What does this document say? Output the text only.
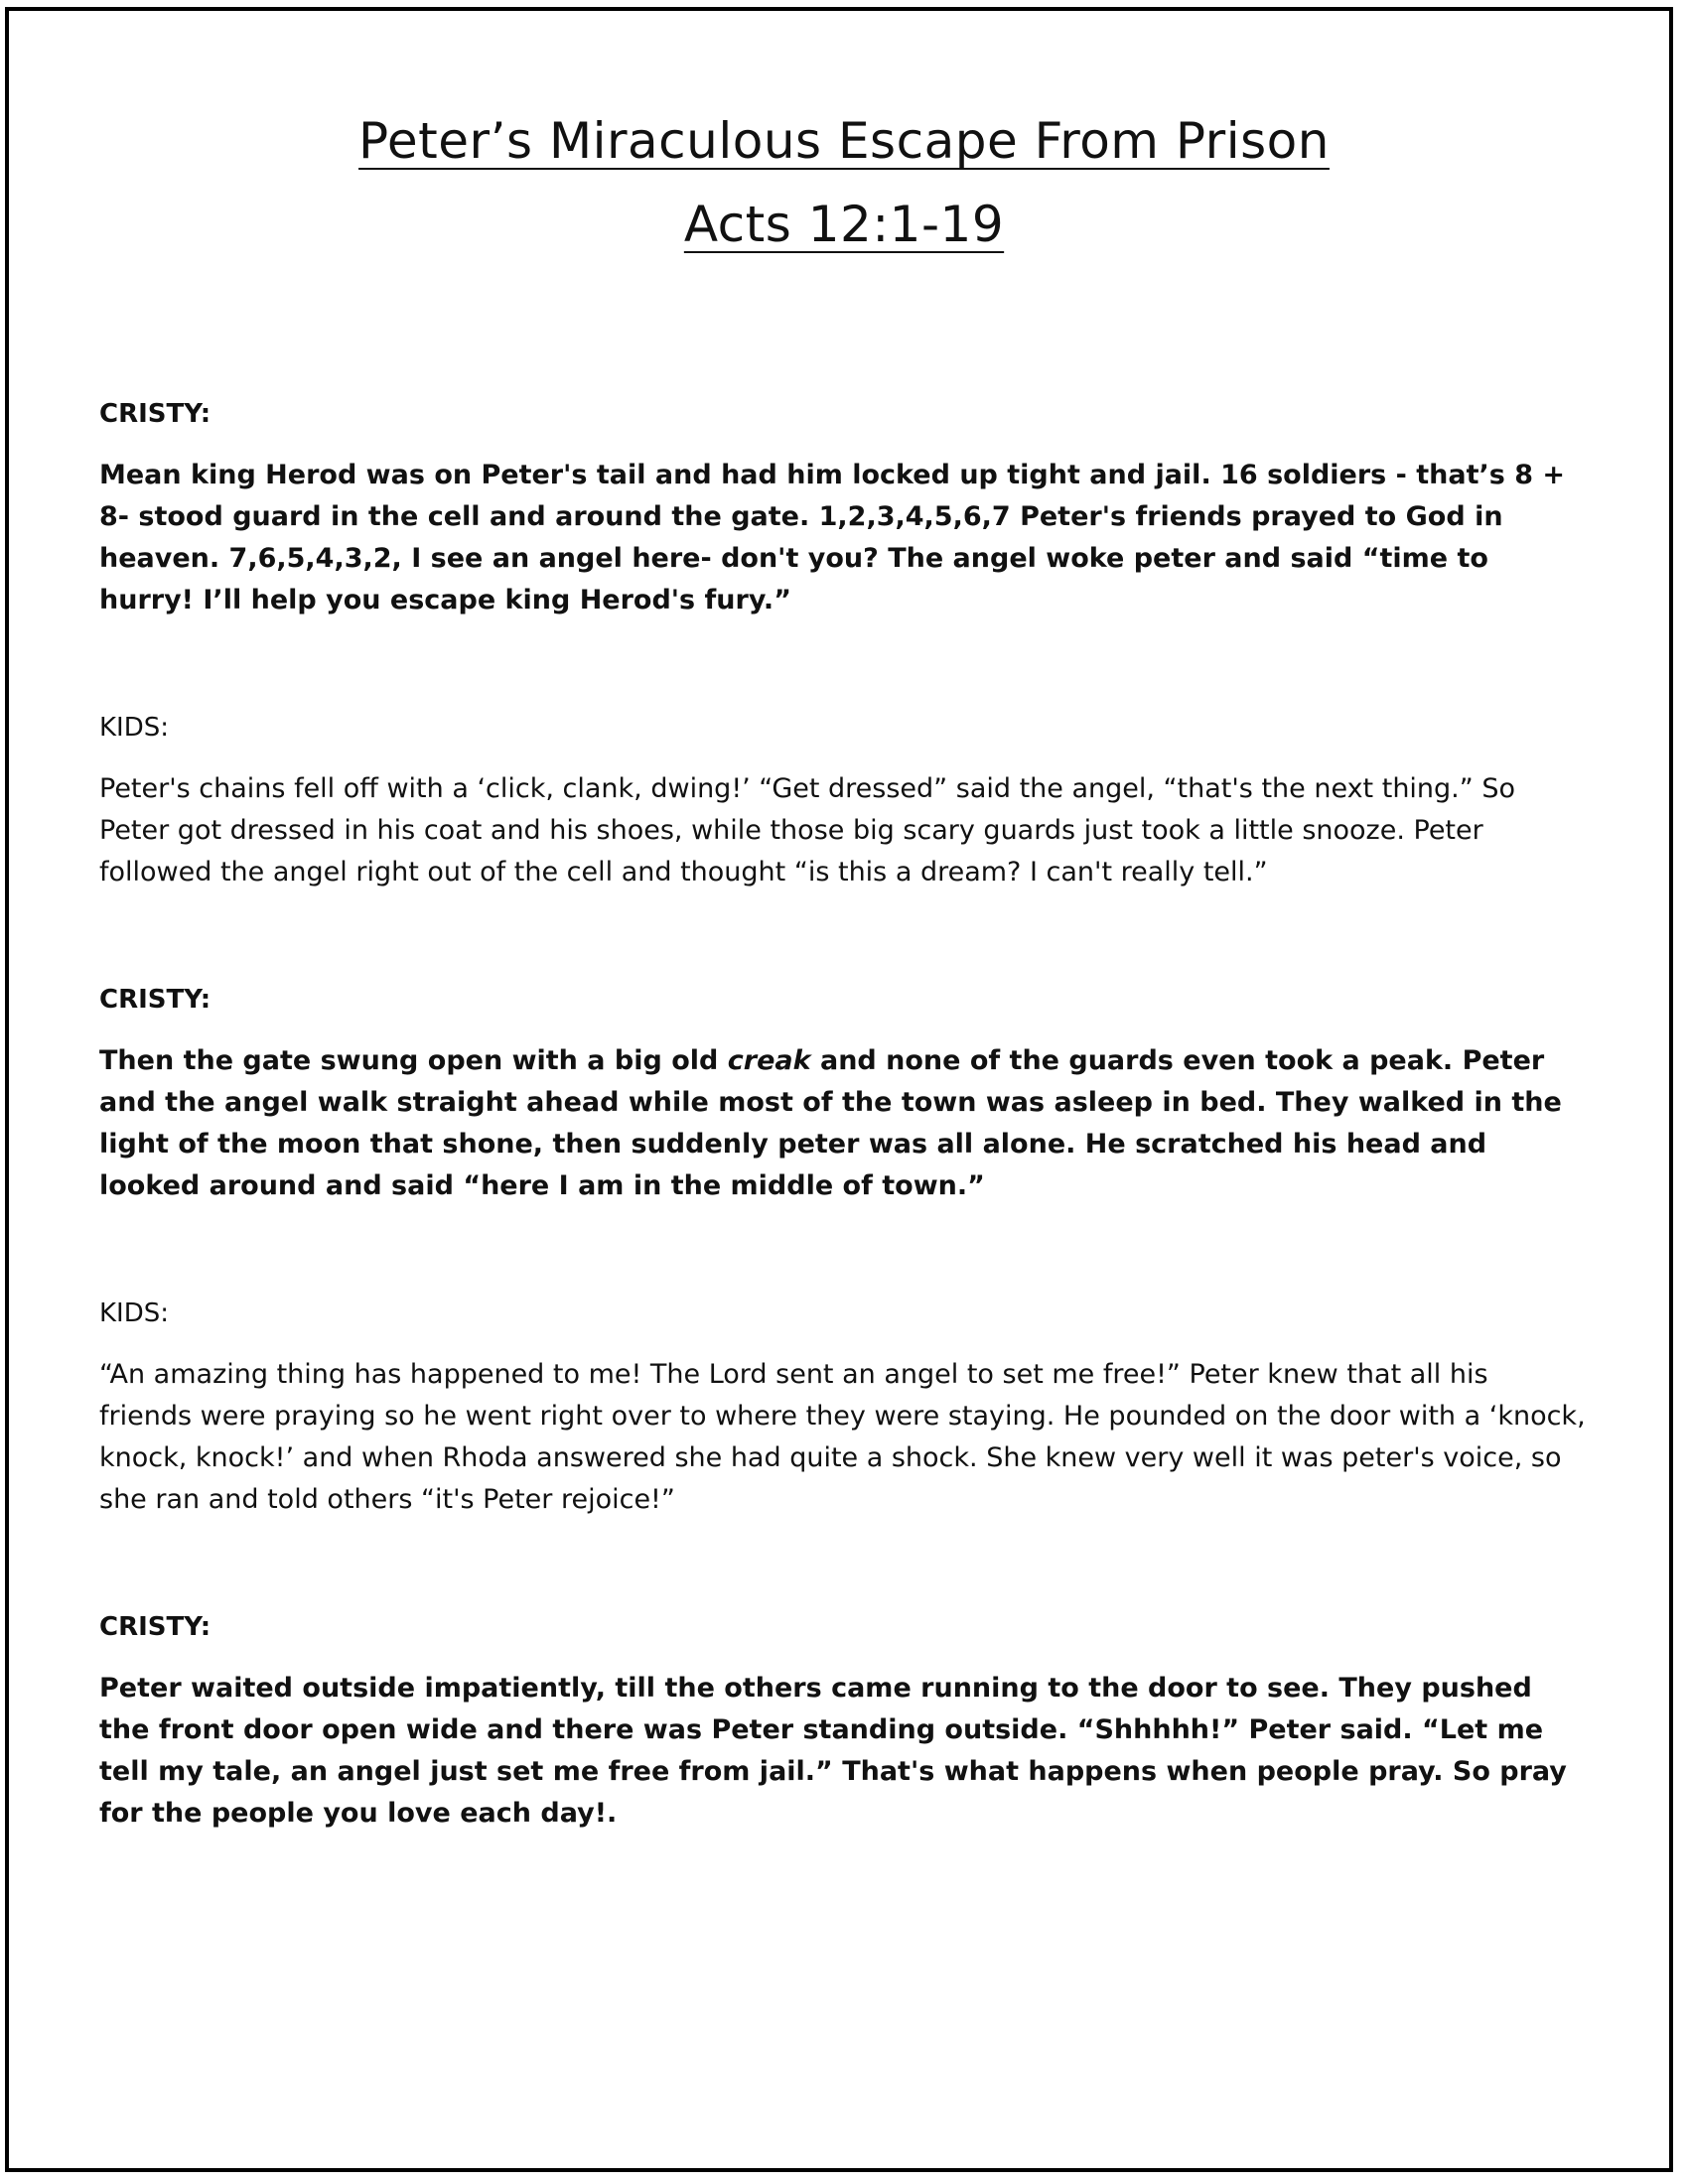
Peter’s Miraculous Escape From Prison
Acts 12:1-19

CRISTY:

Mean king Herod was on Peter's tail and had him locked up tight and jail. 16 soldiers - that’s 8 + 8- stood guard in the cell and around the gate. 1,2,3,4,5,6,7 Peter's friends prayed to God in heaven. 7,6,5,4,3,2, I see an angel here- don't you? The angel woke peter and said “time to hurry! I’ll help you escape king Herod's fury.”

KIDS:

Peter's chains fell off with a ‘click, clank, dwing!’ “Get dressed” said the angel, “that's the next thing.” So Peter got dressed in his coat and his shoes, while those big scary guards just took a little snooze. Peter followed the angel right out of the cell and thought “is this a dream? I can't really tell.”

CRISTY:

Then the gate swung open with a big old creak and none of the guards even took a peak. Peter and the angel walk straight ahead while most of the town was asleep in bed. They walked in the light of the moon that shone, then suddenly peter was all alone. He scratched his head and looked around and said “here I am in the middle of town.”

KIDS:

“An amazing thing has happened to me! The Lord sent an angel to set me free!” Peter knew that all his friends were praying so he went right over to where they were staying. He pounded on the door with a ‘knock, knock, knock!’ and when Rhoda answered she had quite a shock. She knew very well it was peter's voice, so she ran and told others “it's Peter rejoice!”

CRISTY:

Peter waited outside impatiently, till the others came running to the door to see. They pushed the front door open wide and there was Peter standing outside. “Shhhhh!” Peter said. “Let me tell my tale, an angel just set me free from jail.” That's what happens when people pray. So pray for the people you love each day!.
